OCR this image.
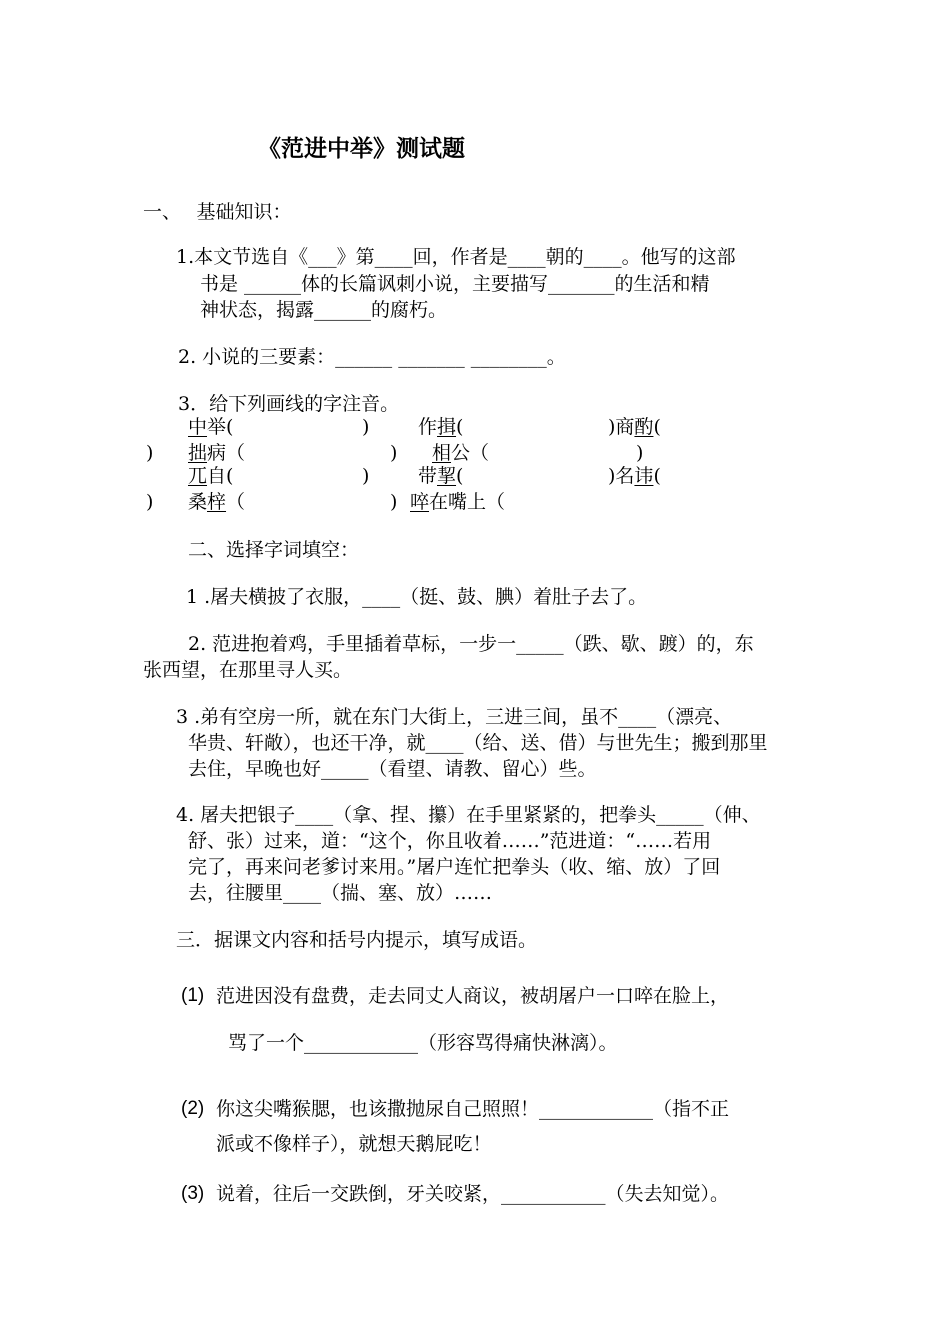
《范进中举》测试题
一、　 基础知识：
1.本文节选自《___》第____回，作者是____朝的____。他写的这部
书是 ______体的长篇讽刺小说，主要描写_______的生活和精
神状态，揭露______的腐朽。
2. 小说的三要素：______ _______ ________。
3．给下列画线的字注音。
中举(	)	作揖(	)商酌(
) 拙病（	) 相公（	)
兀自(	)	带挈(	)名讳(
) 桑梓（	) 啐在嘴上（
二、选择字词填空：
1 .屠夫横披了衣服，____（挺、鼓、腆）着肚子去了。
2. 范进抱着鸡，手里插着草标，一步一_____（跌、歇、踱）的，东
张西望，在那里寻人买。
3 .弟有空房一所，就在东门大街上，三进三间，虽不____（漂亮、
华贵、轩敞），也还干净，就____（给、送、借）与世先生；搬到那里
去住，早晚也好_____（看望、请教、留心）些。
4. 屠夫把银子____（拿、捏、攥）在手里紧紧的，把拳头_____（伸、
舒、张）过来，道：“这个，你且收着……”范进道：“……若用
完了，再来问老爹讨来用。”屠户连忙把拳头（收、缩、放）了回
去，往腰里____（揣、塞、放）……
三．据课文内容和括号内提示，填写成语。
(1) 范进因没有盘费，走去同丈人商议，被胡屠户一口啐在脸上，
骂了一个____________（形容骂得痛快淋漓）。
(2) 你这尖嘴猴腮，也该撒抛尿自己照照！____________（指不正
派或不像样子），就想天鹅屁吃！
(3) 说着，往后一交跌倒，牙关咬紧，___________（失去知觉）。
